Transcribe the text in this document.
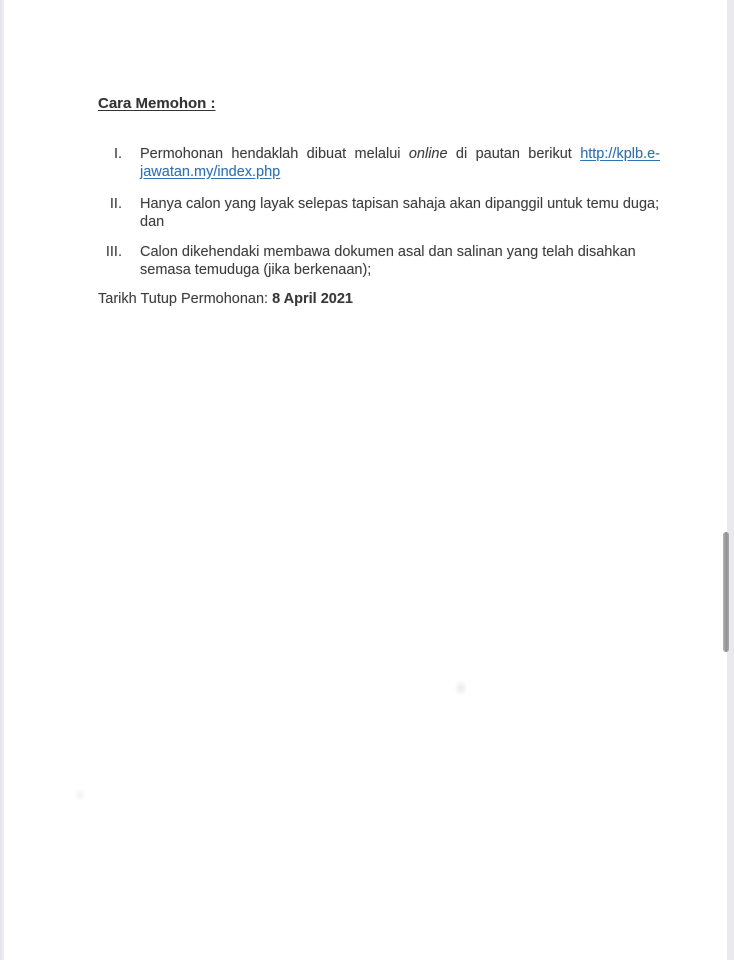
Cara Memohon :
I. Permohonan hendaklah dibuat melalui online di pautan berikut http://kplb.e-jawatan.my/index.php

II. Hanya calon yang layak selepas tapisan sahaja akan dipanggil untuk temu duga; dan

III. Calon dikehendaki membawa dokumen asal dan salinan yang telah disahkan semasa temuduga (jika berkenaan);

Tarikh Tutup Permohonan: 8 April 2021
